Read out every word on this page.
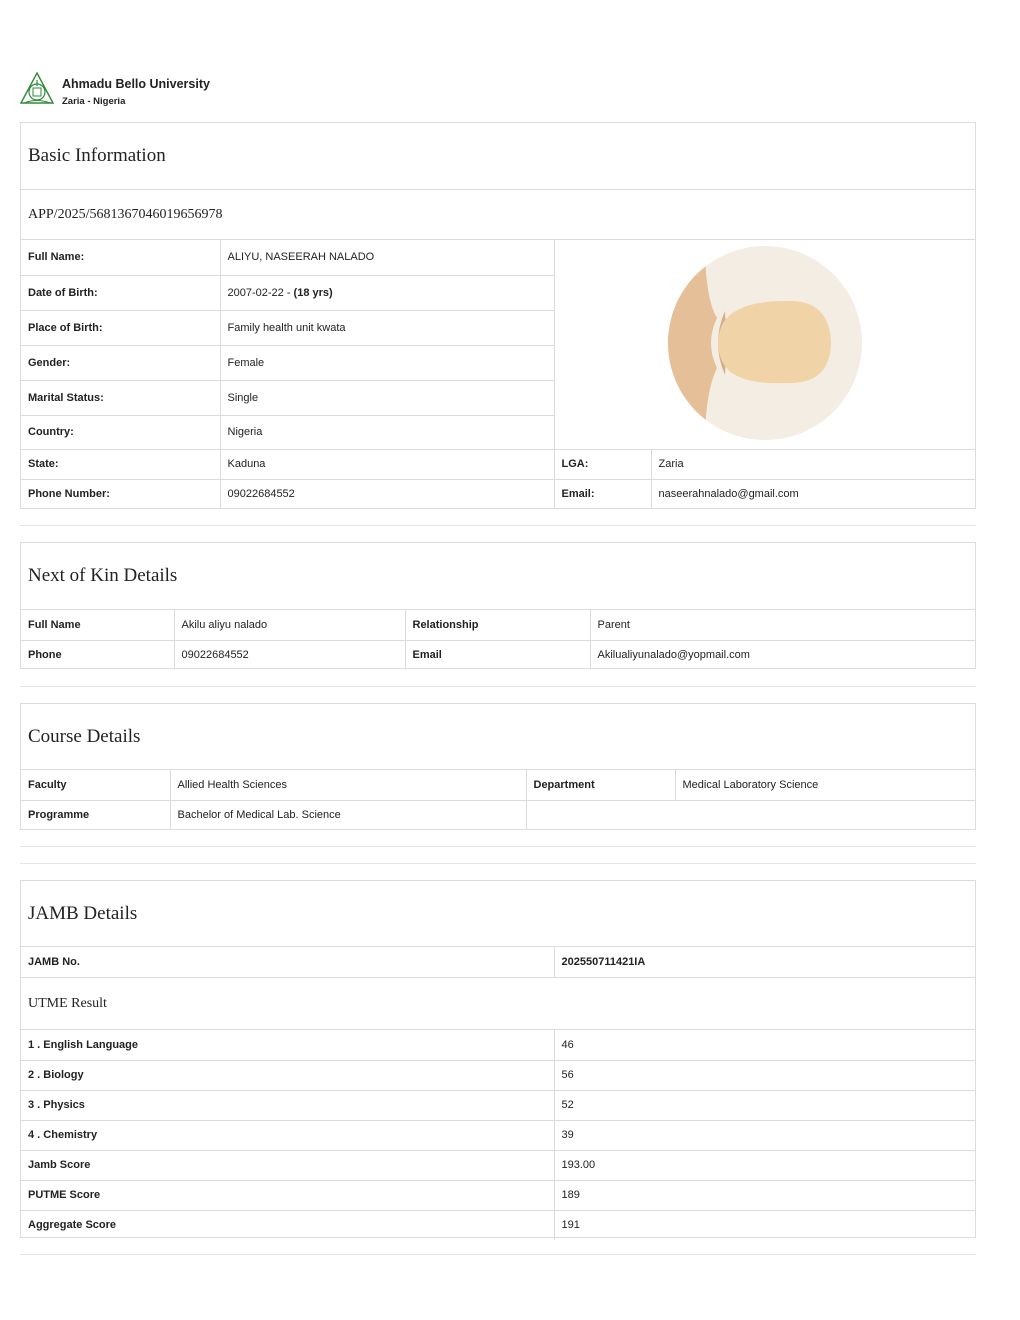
Ahmadu Bello University
Zaria - Nigeria
Basic Information
APP/2025/5681367046019656978
Full Name:	ALIYU, NASEERAH NALADO	
Date of Birth:	2007-02-22 - (18 yrs)		
Place of Birth:	Family health unit kwata		
Gender:	Female		
Marital Status:	Single		
Country:	Nigeria		
State:	Kaduna	LGA:	Zaria
Phone Number:	09022684552	Email:	naseerahnalado@gmail.com
Next of Kin Details
Full Name	Akilu aliyu nalado	Relationship	Parent
Phone	09022684552	Email	Akilualiyunalado@yopmail.com
Course Details
Faculty	Allied Health Sciences	Department	Medical Laboratory Science
Programme	Bachelor of Medical Lab. Science		
JAMB Details
JAMB No.	202550711421IA
UTME Result
1 . English Language	46
2 . Biology	56
3 . Physics	52
4 . Chemistry	39
Jamb Score	193.00
PUTME Score	189
Aggregate Score	191
